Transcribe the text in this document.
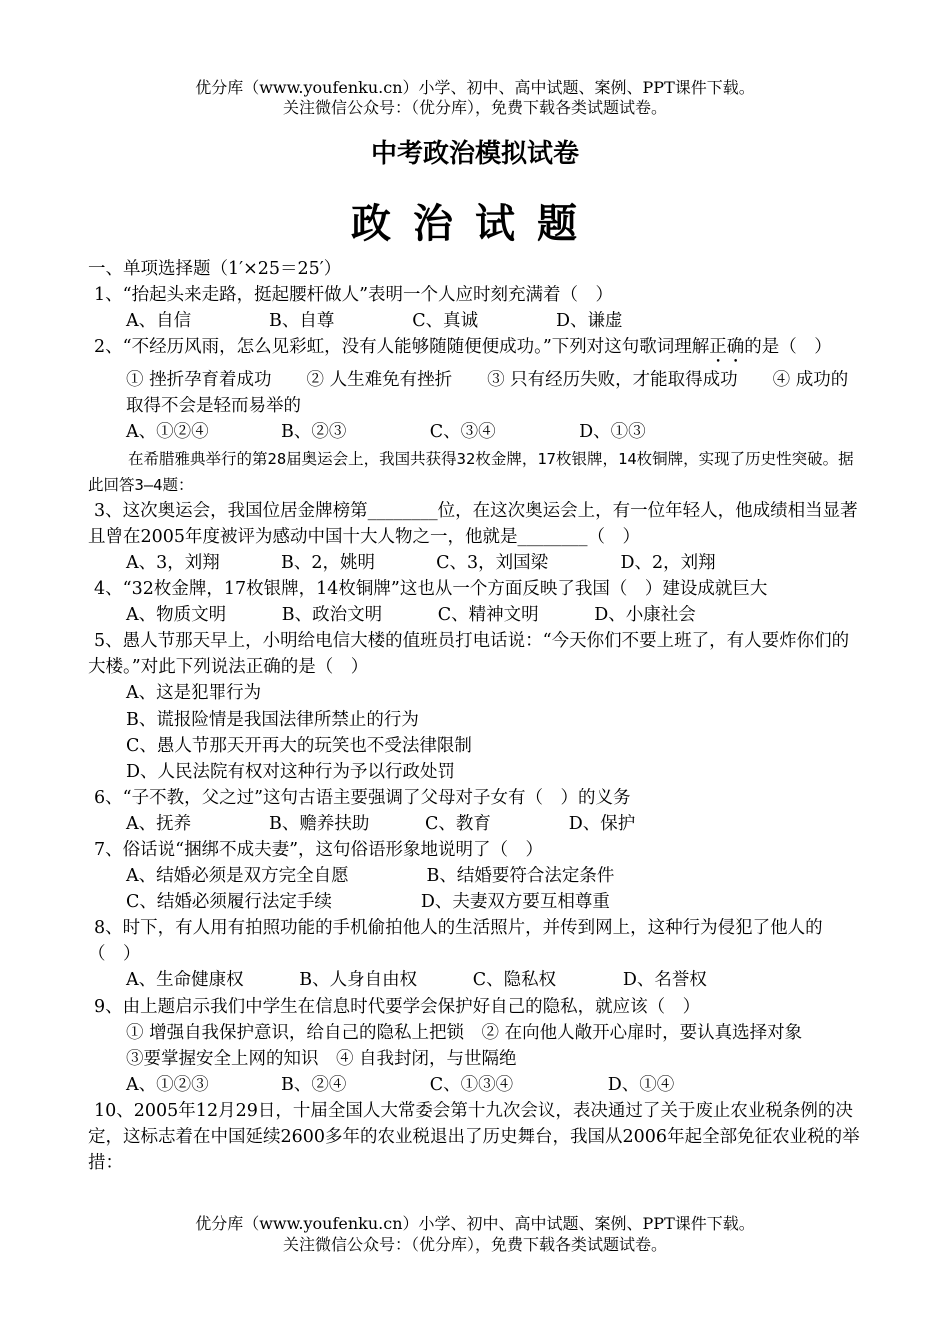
优分库（www.youfenku.cn）小学、初中、高中试题、案例、PPT课件下载。
关注微信公众号：（优分库），免费下载各类试题试卷。
中考政治模拟试卷
政治试题

一、单项选择题（1′×25＝25′）

1、“抬起头来走路，挺起腰杆做人”表明一个人应时刻充满着（　）

A、自信              B、自尊              C、真诚              D、谦虚

2、“不经历风雨，怎么见彩虹，没有人能够随随便便成功。”下列对这句歌词理解正确的是（　）

① 挫折孕育着成功　　② 人生难免有挫折　　③ 只有经历失败，才能取得成功　　④ 成功的取得不会是轻而易举的

A、①②④             B、②③               C、③④               D、①③

在希腊雅典举行的第28届奥运会上，我国共获得32枚金牌，17枚银牌，14枚铜牌，实现了历史性突破。据此回答3—4题：

3、这次奥运会，我国位居金牌榜第________位，在这次奥运会上，有一位年轻人，他成绩相当显著且曾在2005年度被评为感动中国十大人物之一，他就是________（　）

A、3，刘翔           B、2，姚明           C、3，刘国梁             D、2，刘翔

4、“32枚金牌，17枚银牌，14枚铜牌”这也从一个方面反映了我国（　）建设成就巨大

A、物质文明          B、政治文明          C、精神文明          D、小康社会

5、愚人节那天早上，小明给电信大楼的值班员打电话说：“今天你们不要上班了，有人要炸你们的大楼。”对此下列说法正确的是（　）

A、这是犯罪行为

B、谎报险情是我国法律所禁止的行为

C、愚人节那天开再大的玩笑也不受法律限制

D、人民法院有权对这种行为予以行政处罚

6、“子不教，父之过”这句古语主要强调了父母对子女有（　）的义务

A、抚养              B、赡养扶助          C、教育              D、保护

7、俗话说“捆绑不成夫妻”，这句俗语形象地说明了（　）

A、结婚必须是双方完全自愿              B、结婚要符合法定条件

C、结婚必须履行法定手续                D、夫妻双方要互相尊重

8、时下，有人用有拍照功能的手机偷拍他人的生活照片，并传到网上，这种行为侵犯了他人的（　）

A、生命健康权          B、人身自由权          C、隐私权            D、名誉权

9、由上题启示我们中学生在信息时代要学会保护好自己的隐私，就应该（　）

① 增强自我保护意识，给自己的隐私上把锁　② 在向他人敞开心扉时，要认真选择对象

③要掌握安全上网的知识　④ 自我封闭，与世隔绝

A、①②③             B、②④               C、①③④                 D、①④

10、2005年12月29日，十届全国人大常委会第十九次会议，表决通过了关于废止农业税条例的决定，这标志着在中国延续2600多年的农业税退出了历史舞台，我国从2006年起全部免征农业税的举措：

优分库（www.youfenku.cn）小学、初中、高中试题、案例、PPT课件下载。
关注微信公众号：（优分库），免费下载各类试题试卷。
